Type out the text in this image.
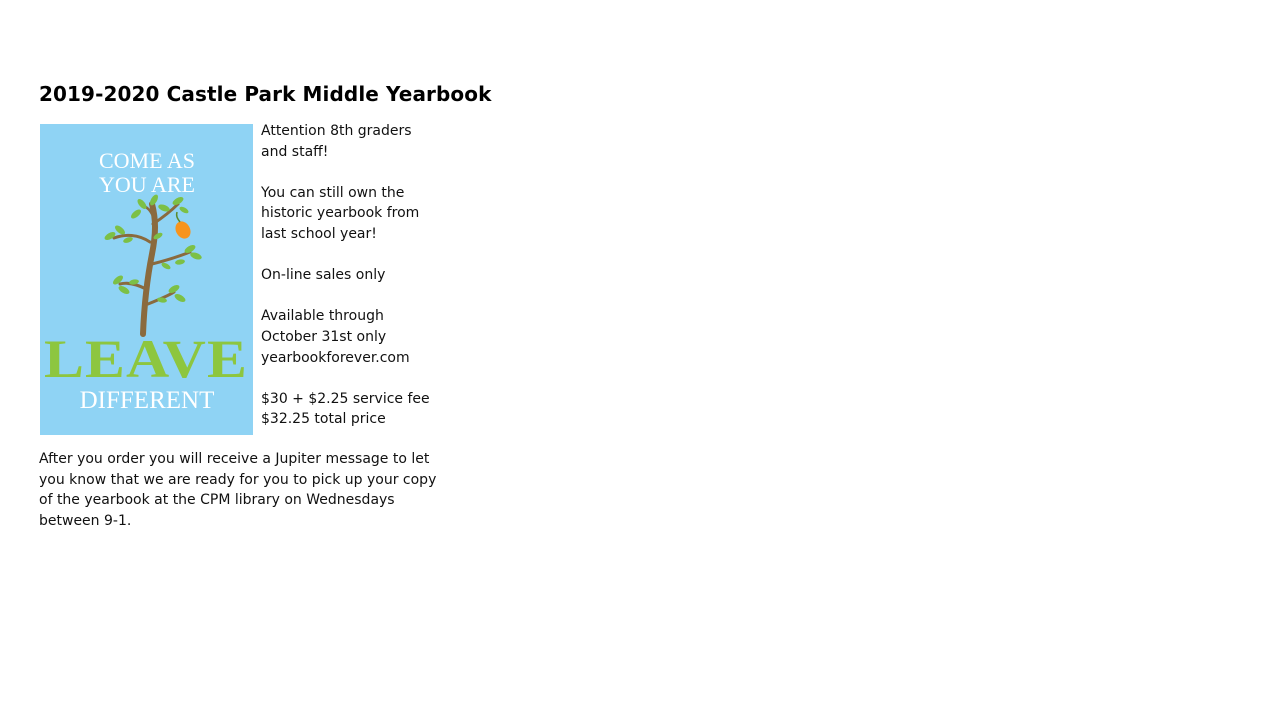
2019-2020 Castle Park Middle Yearbook
COME AS
YOU ARE
LEAVE
DIFFERENT

Attention 8th graders
and staff!

You can still own the
historic yearbook from
last school year!

On-line sales only

Available through
October 31st only
yearbookforever.com

$30 + $2.25 service fee
$32.25 total price

After you order you will receive a Jupiter message to let
you know that we are ready for you to pick up your copy
of the yearbook at the CPM library on Wednesdays
between 9-1.
